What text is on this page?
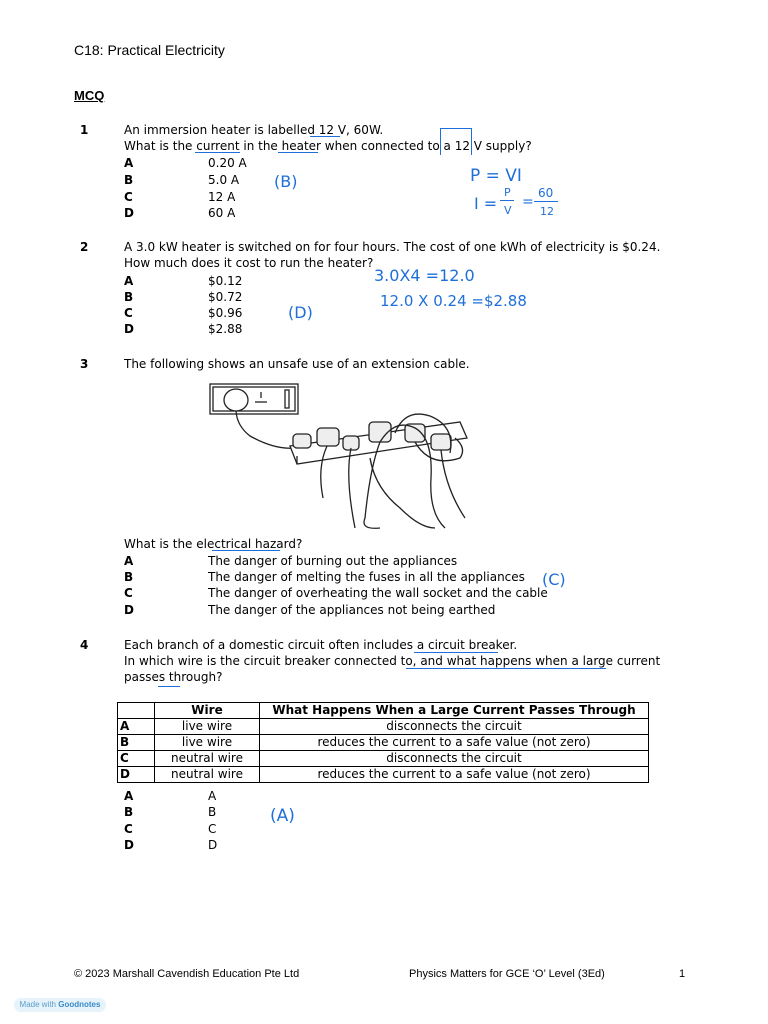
C18: Practical Electricity
MCQ
1	An immersion heater is labelled 12 V, 60W.
What is the current in the heater when connected to a 12 V supply?
A	0.20 A
B	5.0 A
C	12 A
D	60 A
(B)	P = VI
I =
P
V
=
60
12
2	A 3.0 kW heater is switched on for four hours. The cost of one kWh of electricity is $0.24.
How much does it cost to run the heater?
A	$0.12
B	$0.72
C	$0.96
D	$2.88
3.0X4 =12.0
12.0 X 0.24 =$2.88
(D)
3	The following shows an unsafe use of an extension cable.
What is the electrical hazard?
A	The danger of burning out the appliances
B	The danger of melting the fuses in all the appliances
C	The danger of overheating the wall socket and the cable
D	The danger of the appliances not being earthed
(C)
4	Each branch of a domestic circuit often includes a circuit breaker.
In which wire is the circuit breaker connected to, and what happens when a large current
passes through?
	Wire	What Happens When a Large Current Passes Through
A	live wire	disconnects the circuit
B	live wire	reduces the current to a safe value (not zero)
C	neutral wire	disconnects the circuit
D	neutral wire	reduces the current to a safe value (not zero)
A	A
B	B
C	C
D	D
(A)
© 2023 Marshall Cavendish Education Pte Ltd	Physics Matters for GCE ‘O’ Level (3Ed)	1
Made with Goodnotes
